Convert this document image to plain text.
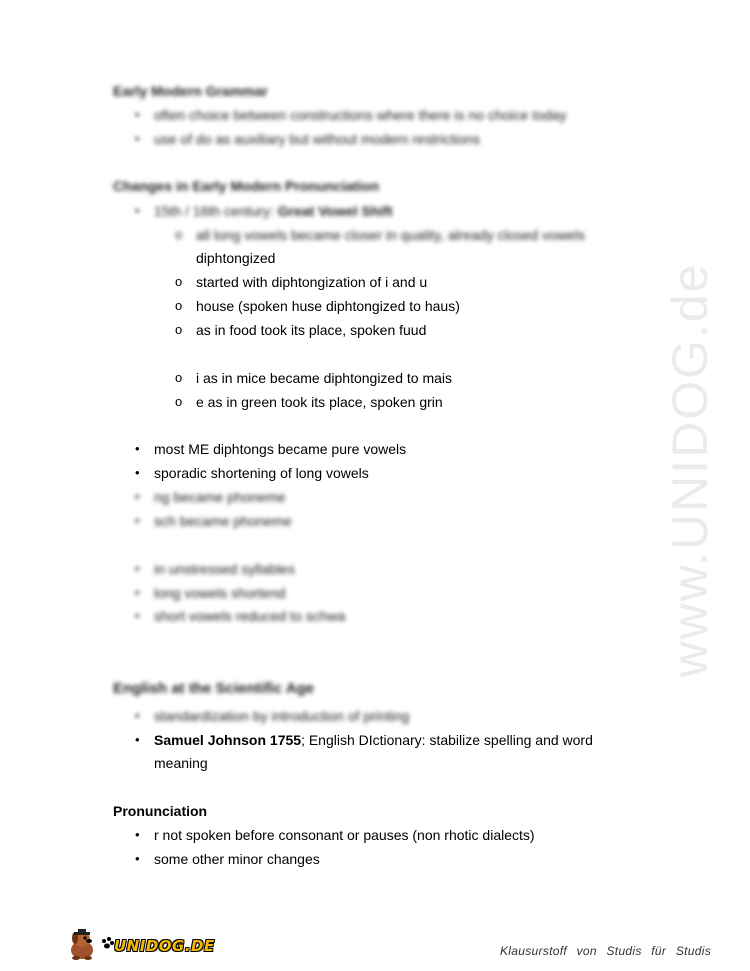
www.UNIDOG.de
Early Modern Grammar
•	often choice between constructions where there is no choice today
•	use of do as auxiliary but without modern restrictions
Changes in Early Modern Pronunciation
•	15th / 16th century: Great Vowel Shift
o all long vowels became closer in quality, already closed vowels
diphtongized
o started with diphtongization of i and u
o house (spoken huse diphtongized to haus)
o as in food took its place, spoken fuud
o i as in mice became diphtongized to mais
o e as in green took its place, spoken grin
•	most ME diphtongs became pure vowels
•	sporadic shortening of long vowels
•	ng became phoneme
•	sch became phoneme
•	in unstressed syllables
•	long vowels shortend
•	short vowels reduced to schwa
English at the Scientific Age
•	standardization by introduction of printing
•	Samuel Johnson 1755; English DIctionary: stabilize spelling and word
meaning
Pronunciation
•	r not spoken before consonant or pauses (non rhotic dialects)
•	some other minor changes
UNIDOG.DE	Klausurstoff von Studis für Studis
